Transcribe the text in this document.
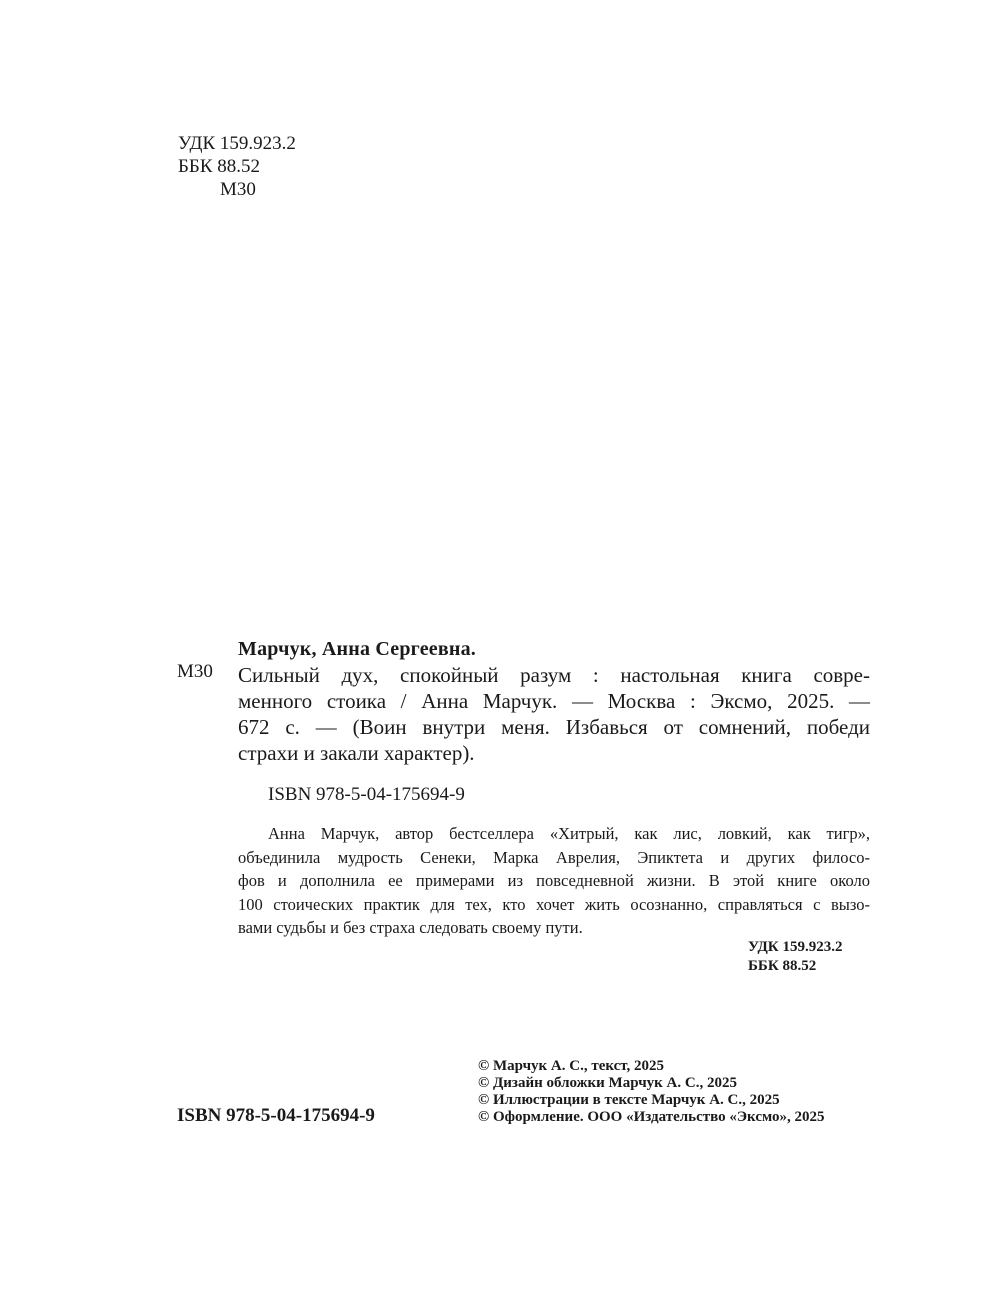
УДК 159.923.2
ББК 88.52
М30
М30
Марчук, Анна Сергеевна.
Сильный дух, спокойный разум : настольная книга совре-
менного стоика / Анна Марчук. — Москва : Эксмо, 2025. —
672 с. — (Воин внутри меня. Избавься от сомнений, победи
страхи и закали характер).
ISBN 978-5-04-175694-9
Анна Марчук, автор бестселлера «Хитрый, как лис, ловкий, как тигр»,
объединила мудрость Сенеки, Марка Аврелия, Эпиктета и других филосо-
фов и дополнила ее примерами из повседневной жизни. В этой книге около
100 стоических практик для тех, кто хочет жить осознанно, справляться с вызо-
вами судьбы и без страха следовать своему пути.
УДК 159.923.2
ББК 88.52
© Марчук А. С., текст, 2025
© Дизайн обложки Марчук А. С., 2025
© Иллюстрации в тексте Марчук А. С., 2025
© Оформление. ООО «Издательство «Эксмо», 2025
ISBN 978-5-04-175694-9
